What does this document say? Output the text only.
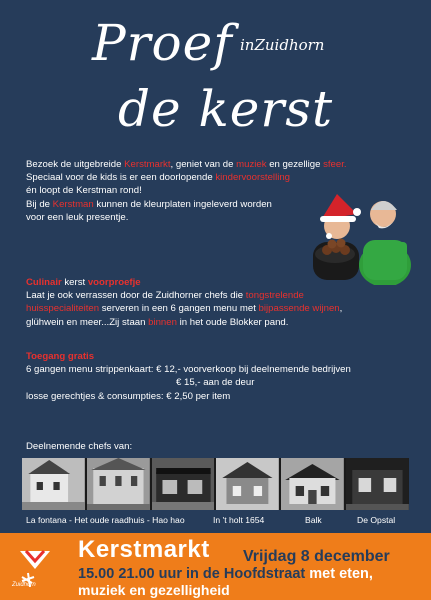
Proef inZuidhorn
de kerst

Bezoek de uitgebreide Kerstmarkt, geniet van de muziek en gezellige sfeer.

Speciaal voor de kids is er een doorlopende kindervoorstelling

én loopt de Kerstman rond!

Bij de Kerstman kunnen de kleurplaten ingeleverd worden

voor een leuk presentje.

Culinair kerst voorproefje

Laat je ook verrassen door de Zuidhorner chefs die tongstrelende

huisspecialiteiten serveren in een 6 gangen menu met bijpassende wijnen,

glühwein en meer...Zij staan binnen in het oude Blokker pand.

Toegang gratis

6 gangen menu strippenkaart: € 12,- voorverkoop bij deelnemende bedrijven

€ 15,- aan de deur

losse gerechtjes & consumpties: € 2,50 per item

Deelnemende chefs van:
La fontana - Het oude raadhuis - Hao hao	In 't holt 1654	Balk	De Opstal
Zuidhorn
Kerstmarkt Vrijdag 8 december
15.00 21.00 uur in de Hoofdstraat met eten,
muziek en gezelligheid
